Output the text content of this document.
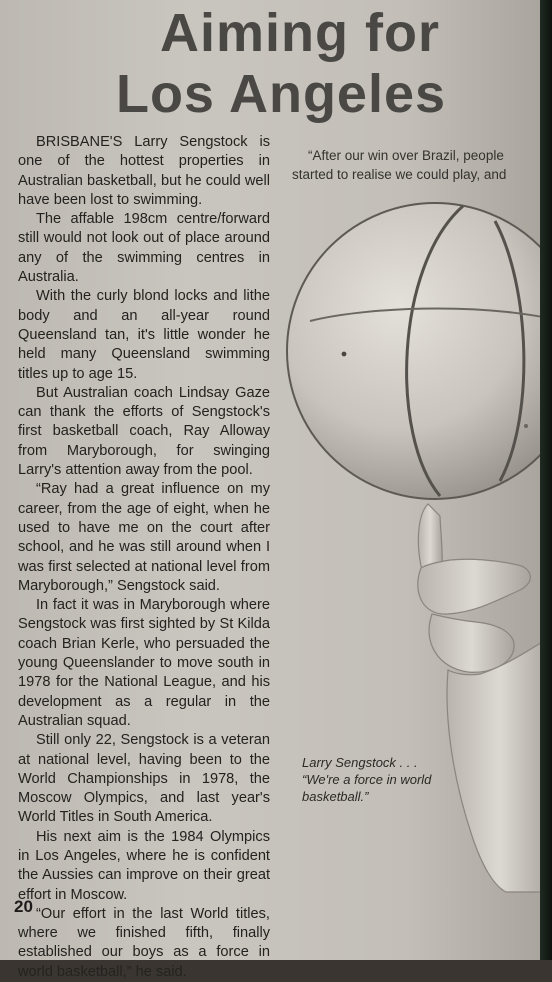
Aiming for
Los Angeles

BRISBANE'S Larry Sengstock is one of the hottest properties in Australian basketball, but he could well have been lost to swimming.

The affable 198cm centre/forward still would not look out of place around any of the swimming centres in Australia.

With the curly blond locks and lithe body and an all-year round Queensland tan, it's little wonder he held many Queensland swimming titles up to age 15.

But Australian coach Lindsay Gaze can thank the efforts of Sengstock's first basketball coach, Ray Alloway from Maryborough, for swinging Larry's attention away from the pool.

“Ray had a great influence on my career, from the age of eight, when he used to have me on the court after school, and he was still around when I was first selected at national level from Maryborough,” Sengstock said.

In fact it was in Maryborough where Sengstock was first sighted by St Kilda coach Brian Kerle, who persuaded the young Queenslander to move south in 1978 for the National League, and his development as a regular in the Australian squad.

Still only 22, Sengstock is a veteran at national level, having been to the World Championships in 1978, the Moscow Olympics, and last year's World Titles in South America.

His next aim is the 1984 Olympics in Los Angeles, where he is confident the Aussies can improve on their great effort in Moscow.

“Our effort in the last World titles, where we finished fifth, finally established our boys as a force in world basketball,” he said.

“After our win over Brazil, people started to realise we could play, and

Larry Sengstock . . .
“We're a force in world
basketball.”
20
